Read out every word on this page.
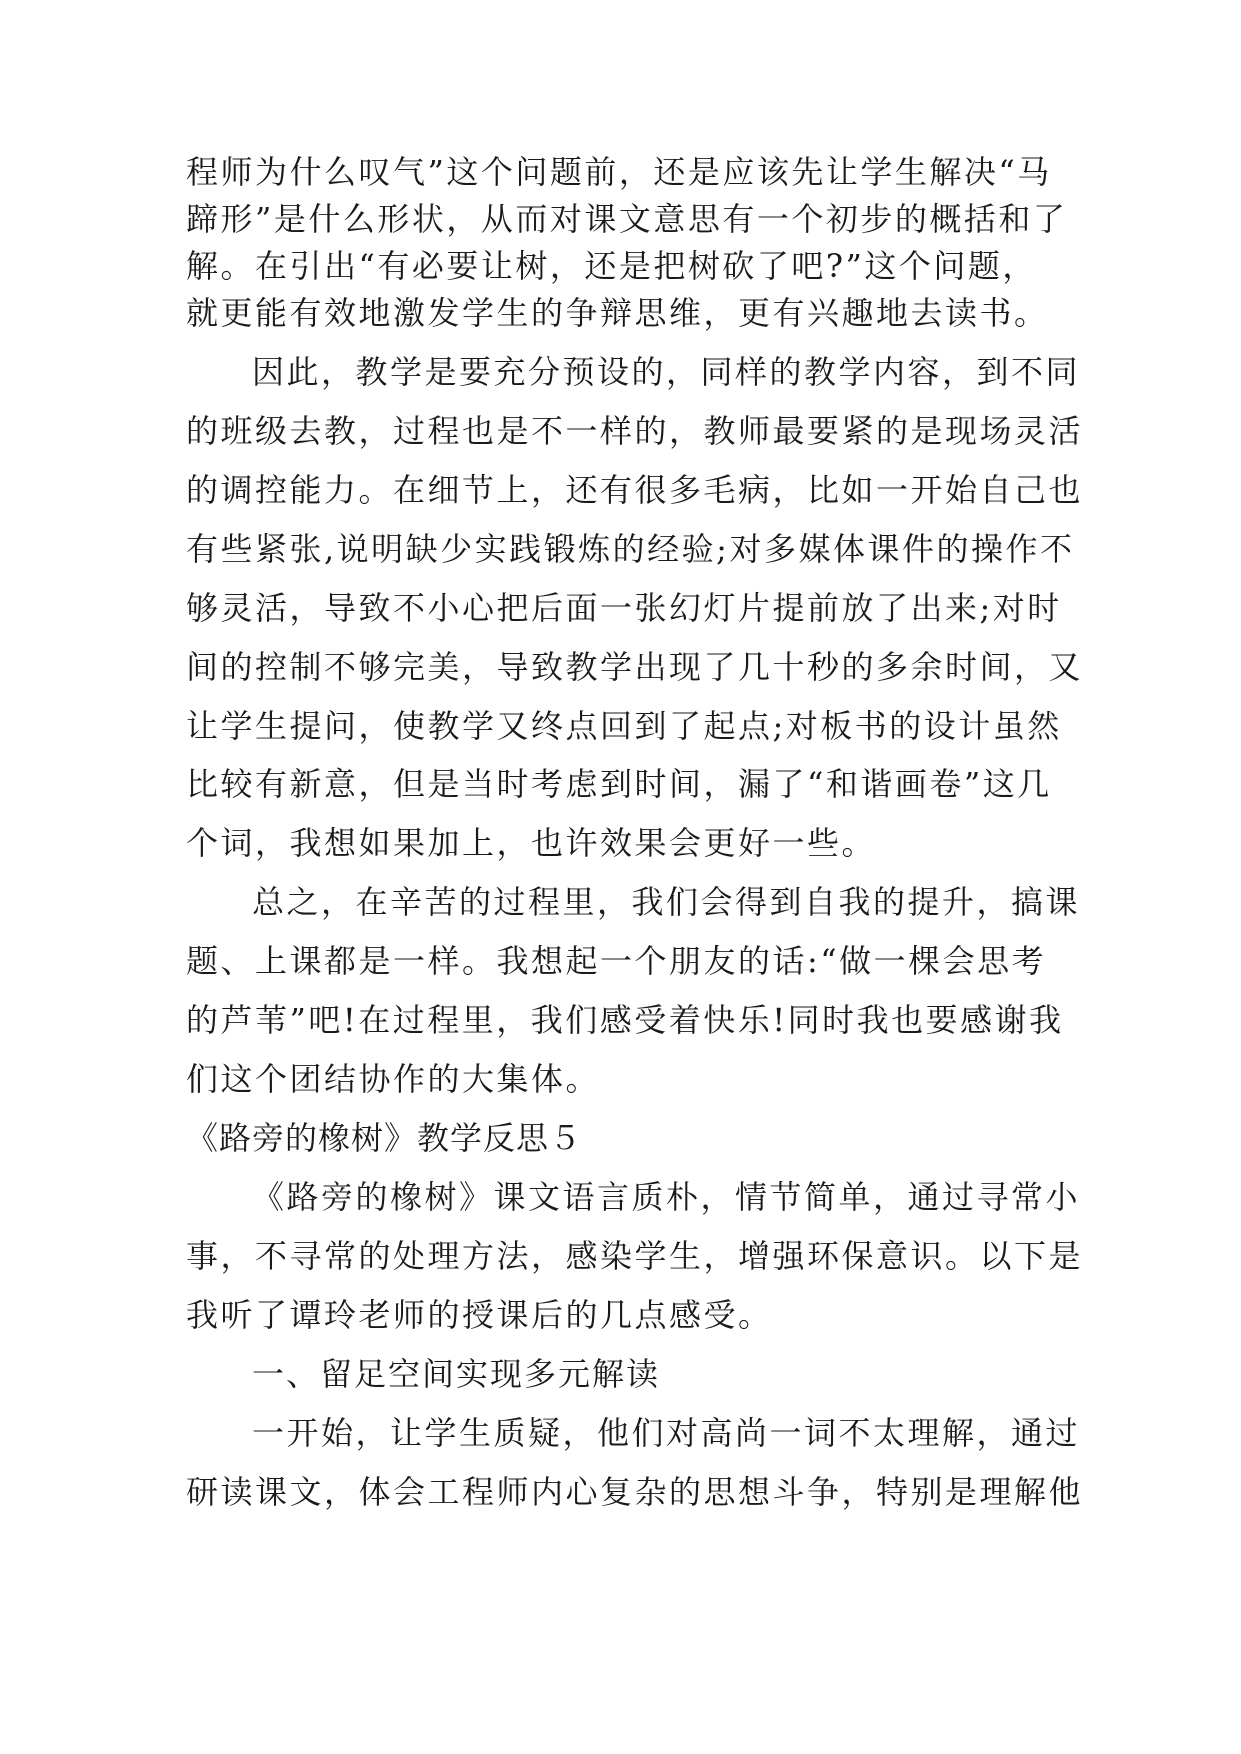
程师为什么叹气”这个问题前，还是应该先让学生解决“马
蹄形”是什么形状，从而对课文意思有一个初步的概括和了
解。在引出“有必要让树，还是把树砍了吧?”这个问题，
就更能有效地激发学生的争辩思维，更有兴趣地去读书。
因此，教学是要充分预设的，同样的教学内容，到不同
的班级去教，过程也是不一样的，教师最要紧的是现场灵活
的调控能力。在细节上，还有很多毛病，比如一开始自己也
有些紧张,说明缺少实践锻炼的经验;对多媒体课件的操作不
够灵活，导致不小心把后面一张幻灯片提前放了出来;对时
间的控制不够完美，导致教学出现了几十秒的多余时间，又
让学生提问，使教学又终点回到了起点;对板书的设计虽然
比较有新意，但是当时考虑到时间，漏了“和谐画卷”这几
个词，我想如果加上，也许效果会更好一些。
总之，在辛苦的过程里，我们会得到自我的提升，搞课
题、上课都是一样。我想起一个朋友的话:“做一棵会思考
的芦苇”吧!在过程里，我们感受着快乐!同时我也要感谢我
们这个团结协作的大集体。
《路旁的橡树》教学反思５
《路旁的橡树》课文语言质朴，情节简单，通过寻常小
事，不寻常的处理方法，感染学生，增强环保意识。以下是
我听了谭玲老师的授课后的几点感受。
一、留足空间实现多元解读
一开始，让学生质疑，他们对高尚一词不太理解，通过
研读课文，体会工程师内心复杂的思想斗争，特别是理解他
